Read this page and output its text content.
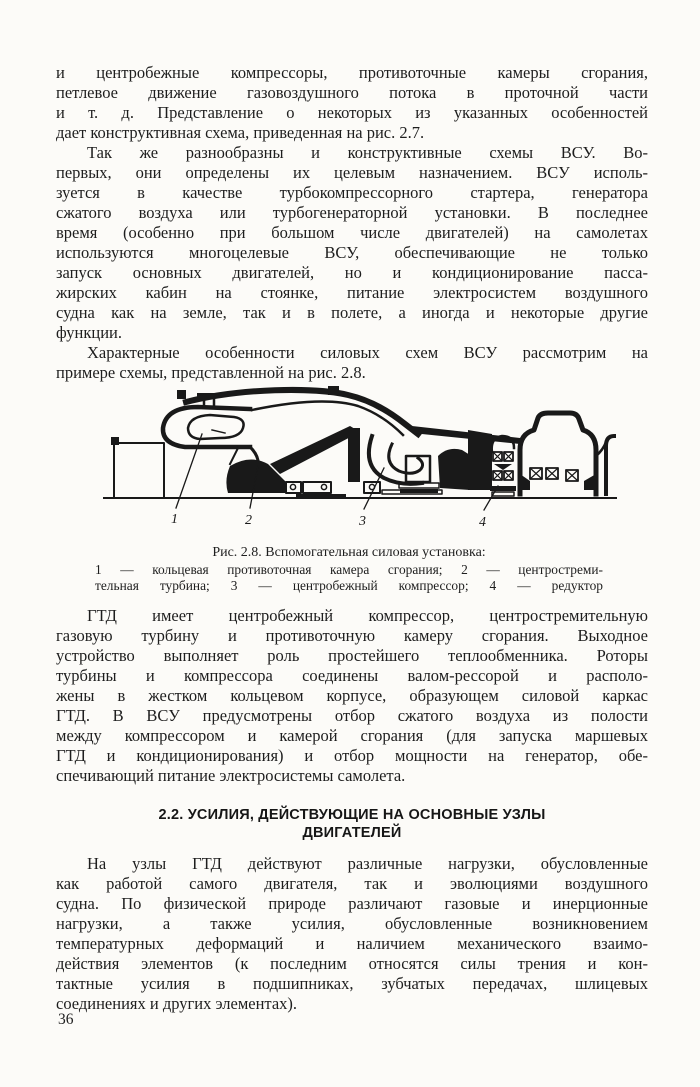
и центробежные компрессоры, противоточные камеры сгорания,
петлевое движение газовоздушного потока в проточной части
и т. д. Представление о некоторых из указанных особенностей
дает конструктивная схема, приведенная на рис. 2.7.
Так же разнообразны и конструктивные схемы ВСУ. Во-
первых, они определены их целевым назначением. ВСУ исполь-
зуется в качестве турбокомпрессорного стартера, генератора
сжатого воздуха или турбогенераторной установки. В последнее
время (особенно при большом числе двигателей) на самолетах
используются многоцелевые ВСУ, обеспечивающие не только
запуск основных двигателей, но и кондиционирование пасса-
жирских кабин на стоянке, питание электросистем воздушного
судна как на земле, так и в полете, а иногда и некоторые другие
функции.
Характерные особенности силовых схем ВСУ рассмотрим на
примере схемы, представленной на рис. 2.8.
1	2	3	4
Рис. 2.8. Вспомогательная силовая установка:
1 — кольцевая противоточная камера сгорания; 2 — центростреми-
тельная турбина; 3 — центробежный компрессор; 4 — редуктор
ГТД имеет центробежный компрессор, центростремительную
газовую турбину и противоточную камеру сгорания. Выходное
устройство выполняет роль простейшего теплообменника. Роторы
турбины и компрессора соединены валом-рессорой и располо-
жены в жестком кольцевом корпусе, образующем силовой каркас
ГТД. В ВСУ предусмотрены отбор сжатого воздуха из полости
между компрессором и камерой сгорания (для запуска маршевых
ГТД и кондиционирования) и отбор мощности на генератор, обе-
спечивающий питание электросистемы самолета.
2.2. УСИЛИЯ, ДЕЙСТВУЮЩИЕ НА ОСНОВНЫЕ УЗЛЫ
ДВИГАТЕЛЕЙ
На узлы ГТД действуют различные нагрузки, обусловленные
как работой самого двигателя, так и эволюциями воздушного
судна. По физической природе различают газовые и инерционные
нагрузки, а также усилия, обусловленные возникновением
температурных деформаций и наличием механического взаимо-
действия элементов (к последним относятся силы трения и кон-
тактные усилия в подшипниках, зубчатых передачах, шлицевых
соединениях и других элементах).
36
